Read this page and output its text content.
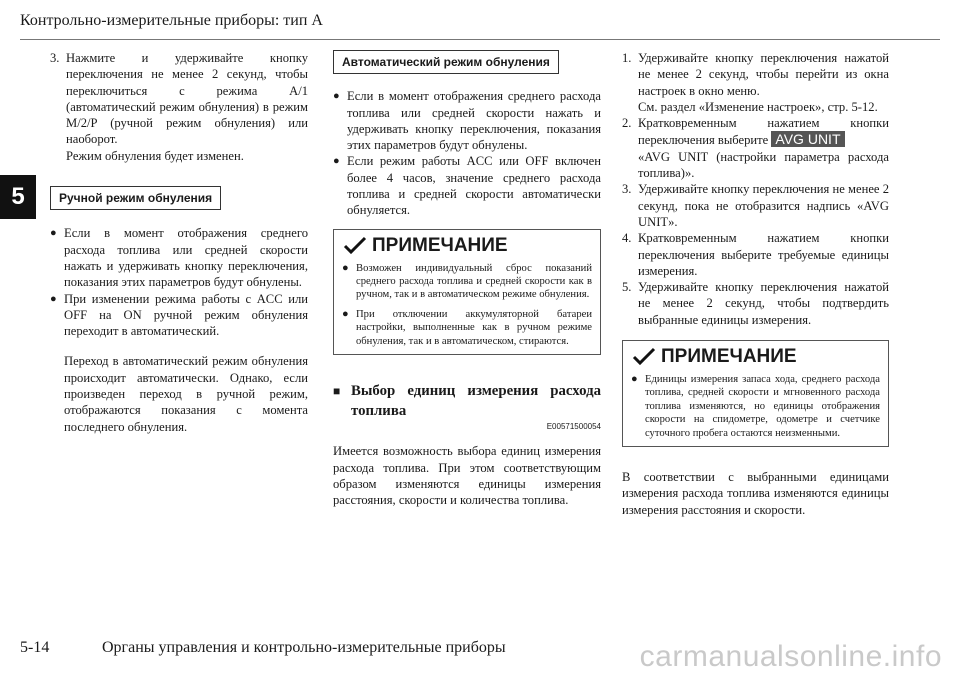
Контрольно-измерительные приборы: тип А
5
3. Нажмите и удерживайте кнопку переключения не менее 2 секунд, чтобы переключиться с режима A/1 (автоматический режим обнуления) в режим M/2/P (ручной режим обнуления) или наоборот.
Режим обнуления будет изменен.
Ручной режим обнуления
● Если в момент отображения среднего расхода топлива или средней скорости нажать и удерживать кнопку переключения, показания этих параметров будут обнулены.
● При изменении режима работы с ACC или OFF на ON ручной режим обнуления переходит в автоматический.

Переход в автоматический режим обнуления происходит автоматически. Однако, если произведен переход в ручной режим, отображаются показания с момента последнего обнуления.

Автоматический режим обнуления
● Если в момент отображения среднего расхода топлива или средней скорости нажать и удерживать кнопку переключения, показания этих параметров будут обнулены.
● Если режим работы ACC или OFF включен более 4 часов, значение среднего расхода топлива и средней скорости автоматически обнуляется.
ПРИМЕЧАНИЕ
● Возможен индивидуальный сброс показаний среднего расхода топлива и средней скорости как в ручном, так и в автоматическом режиме обнуления.
● При отключении аккумуляторной батареи настройки, выполненные как в ручном режиме обнуления, так и в автоматическом, стираются.
■ Выбор единиц измерения расхода топлива
E00571500054

Имеется возможность выбора единиц измерения расхода топлива. При этом соответствующим образом изменяются единицы измерения расстояния, скорости и количества топлива.

1. Удерживайте кнопку переключения нажатой не менее 2 секунд, чтобы перейти из окна настроек в окно меню.
См. раздел «Изменение настроек», стр. 5-12.
2. Кратковременным нажатием кнопки переключения выберите AVG UNIT
«AVG UNIT (настройки параметра расхода топлива)».
3. Удерживайте кнопку переключения не менее 2 секунд, пока не отобразится надпись «AVG UNIT».
4. Кратковременным нажатием кнопки переключения выберите требуемые единицы измерения.
5. Удерживайте кнопку переключения нажатой не менее 2 секунд, чтобы подтвердить выбранные единицы измерения.
ПРИМЕЧАНИЕ
● Единицы измерения запаса хода, среднего расхода топлива, средней скорости и мгновенного расхода топлива изменяются, но единицы отображения скорости на спидометре, одометре и счетчике суточного пробега остаются неизменными.

В соответствии с выбранными единицами измерения расхода топлива изменяются единицы измерения расстояния и скорости.

5-14	Органы управления и контрольно-измерительные приборы	carmanualsonline.info
